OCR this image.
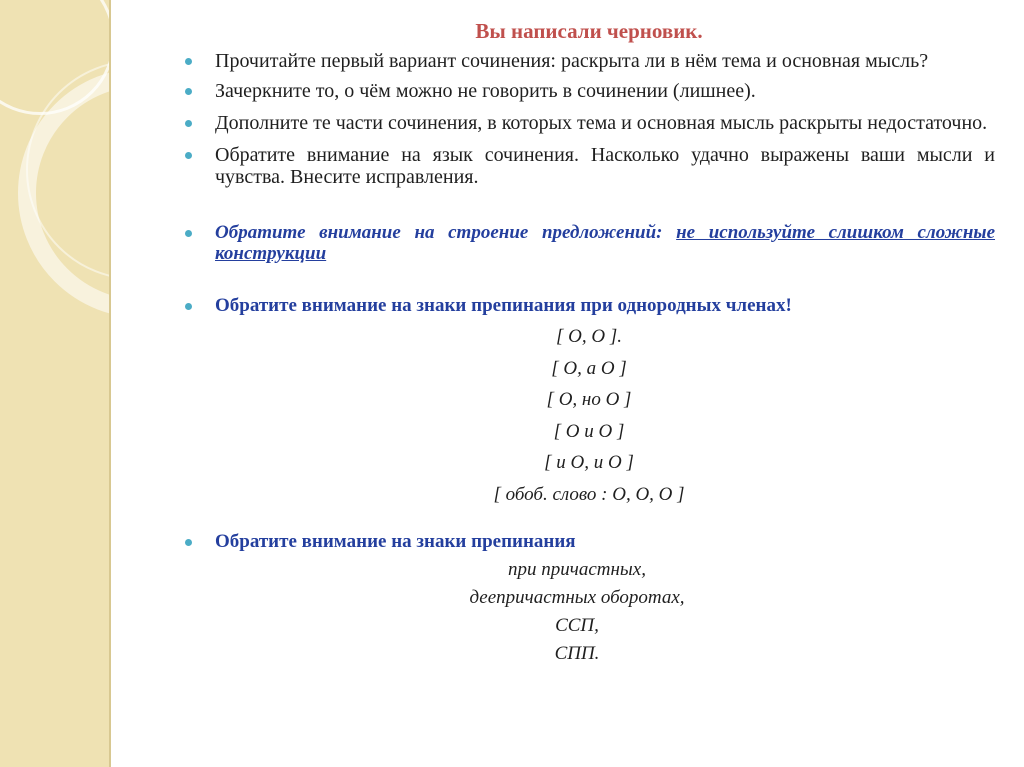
Вы написали черновик.
Прочитайте первый вариант сочинения: раскрыта ли в нём тема и основная мысль?
Зачеркните то, о чём можно не говорить в сочинении (лишнее).
Дополните те части сочинения, в которых тема и основная мысль раскрыты недостаточно.
Обратите внимание на язык сочинения. Насколько удачно выражены ваши мысли и чувства. Внесите исправления.
Обратите внимание на строение предложений: не используйте слишком сложные конструкции
Обратите внимание на знаки препинания при однородных членах!
[ О, О ].
[ О, а О ]
[ О, но О ]
[ О и О ]
[ и О, и О ]
[ обоб. слово : О, О, О ]
Обратите внимание на знаки препинания
при причастных,
деепричастных оборотах,
ССП,
СПП.
